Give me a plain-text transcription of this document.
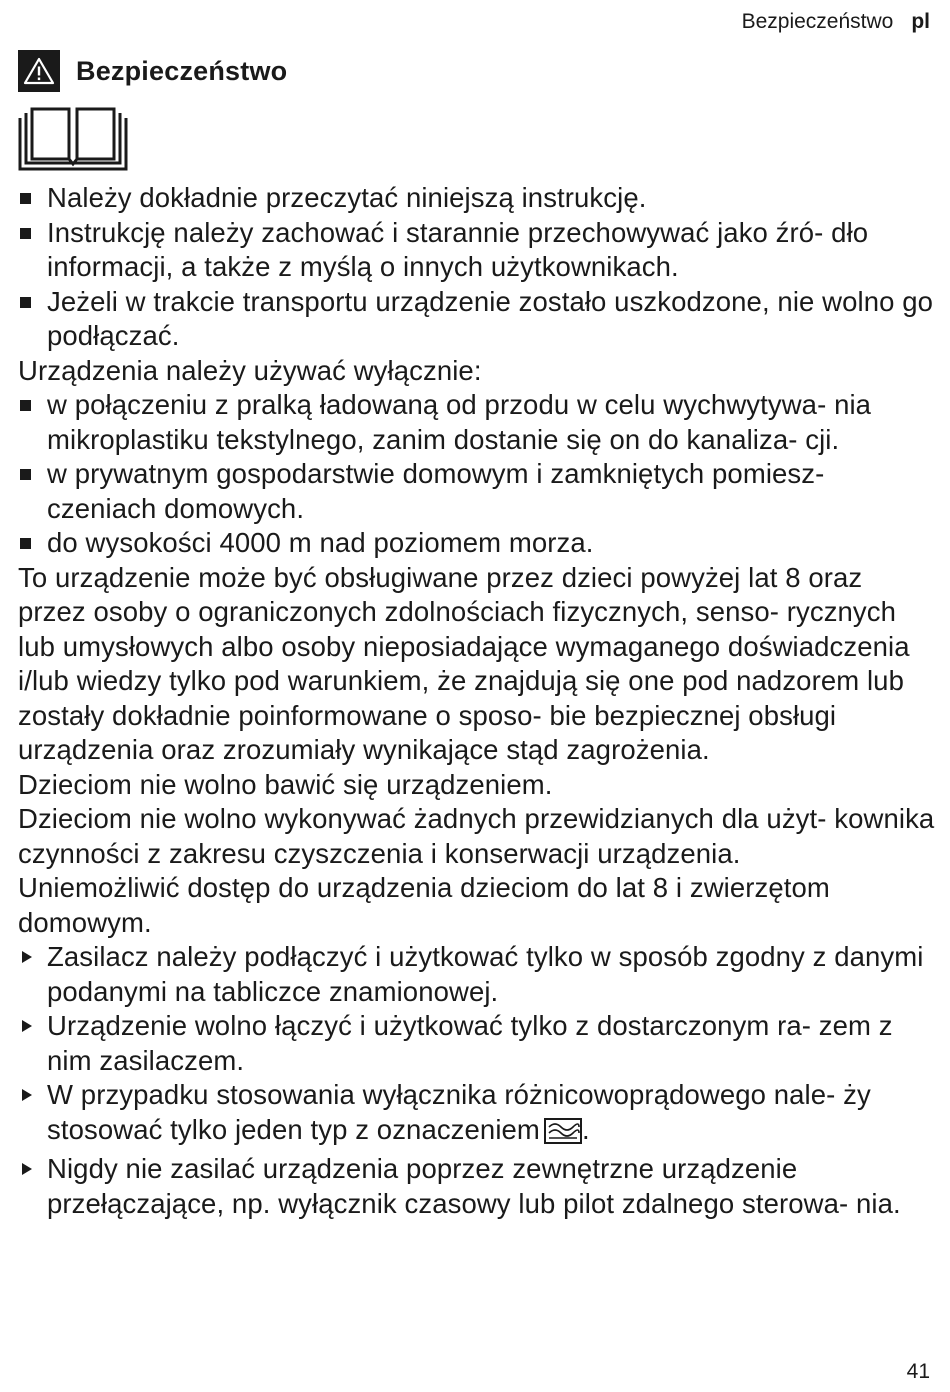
Bezpieczeństwo pl
Bezpieczeństwo
Należy dokładnie przeczytać niniejszą instrukcję.
Instrukcję należy zachować i starannie przechowywać jako źró- dło informacji, a także z myślą o innych użytkownikach.
Jeżeli w trakcie transportu urządzenie zostało uszkodzone, nie wolno go podłączać.

Urządzenia należy używać wyłącznie:

w połączeniu z pralką ładowaną od przodu w celu wychwytywa- nia mikroplastiku tekstylnego, zanim dostanie się on do kanaliza- cji.
w prywatnym gospodarstwie domowym i zamkniętych pomiesz- czeniach domowych.
do wysokości 4000 m nad poziomem morza.

To urządzenie może być obsługiwane przez dzieci powyżej lat 8 oraz przez osoby o ograniczonych zdolnościach fizycznych, senso- rycznych lub umysłowych albo osoby nieposiadające wymaganego doświadczenia i/lub wiedzy tylko pod warunkiem, że znajdują się one pod nadzorem lub zostały dokładnie poinformowane o sposo- bie bezpiecznej obsługi urządzenia oraz zrozumiały wynikające stąd zagrożenia.

Dzieciom nie wolno bawić się urządzeniem.

Dzieciom nie wolno wykonywać żadnych przewidzianych dla użyt- kownika czynności z zakresu czyszczenia i konserwacji urządzenia.

Uniemożliwić dostęp do urządzenia dzieciom do lat 8 i zwierzętom domowym.

Zasilacz należy podłączyć i użytkować tylko w sposób zgodny z danymi podanymi na tabliczce znamionowej.
Urządzenie wolno łączyć i użytkować tylko z dostarczonym ra- zem z nim zasilaczem.
W przypadku stosowania wyłącznika różnicowoprądowego nale- ży stosować tylko jeden typ z oznaczeniem .
Nigdy nie zasilać urządzenia poprzez zewnętrzne urządzenie przełączające, np. wyłącznik czasowy lub pilot zdalnego sterowa- nia.
41
